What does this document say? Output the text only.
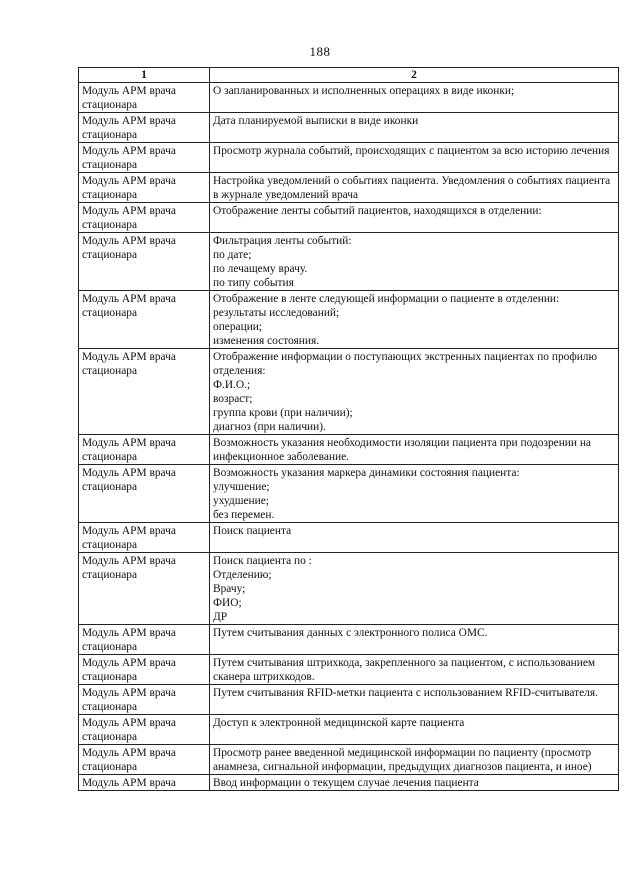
188
1	2
Модуль АРМ врача стационара	О запланированных и исполненных операциях в виде иконки;

Модуль АРМ врача стационара	Дата планируемой выписки в виде иконки

Модуль АРМ врача стационара	Просмотр журнала событий, происходящих с пациентом за всю историю лечения

Модуль АРМ врача стационара	Настройка уведомлений о событиях пациента. Уведомления о событиях пациента в журнале уведомлений врача

Модуль АРМ врача стационара	Отображение ленты событий пациентов, находящихся в отделении:

Модуль АРМ врача стационара	Фильтрация ленты событий:
по дате;
по лечащему врачу.
по типу события

Модуль АРМ врача стационара	Отображение в ленте следующей информации о пациенте в отделении:
результаты исследований;
операции;
изменения состояния.

Модуль АРМ врача стационара	Отображение информации о поступающих экстренных пациентах по профилю отделения:
Ф.И.О.;
возраст;
группа крови (при наличии);
диагноз (при наличии).

Модуль АРМ врача стационара	Возможность указания необходимости изоляции пациента при подозрении на инфекционное заболевание.

Модуль АРМ врача стационара	Возможность указания маркера динамики состояния пациента:
улучшение;
ухудшение;
без перемен.

Модуль АРМ врача стационара	Поиск пациента

Модуль АРМ врача стационара	Поиск пациента по :
Отделению;
Врачу;
ФИО;
ДР

Модуль АРМ врача стационара	Путем считывания данных с электронного полиса ОМС.

Модуль АРМ врача стационара	Путем считывания штрихкода, закрепленного за пациентом, с использованием сканера штрихкодов.

Модуль АРМ врача стационара	Путем считывания RFID-метки пациента с использованием RFID-считывателя.

Модуль АРМ врача стационара	Доступ к электронной медицинской карте пациента

Модуль АРМ врача стационара	Просмотр ранее введенной медицинской информации по пациенту (просмотр анамнеза, сигнальной информации, предыдущих диагнозов пациента, и иное)

Модуль АРМ врача	Ввод информации о текущем случае лечения пациента
